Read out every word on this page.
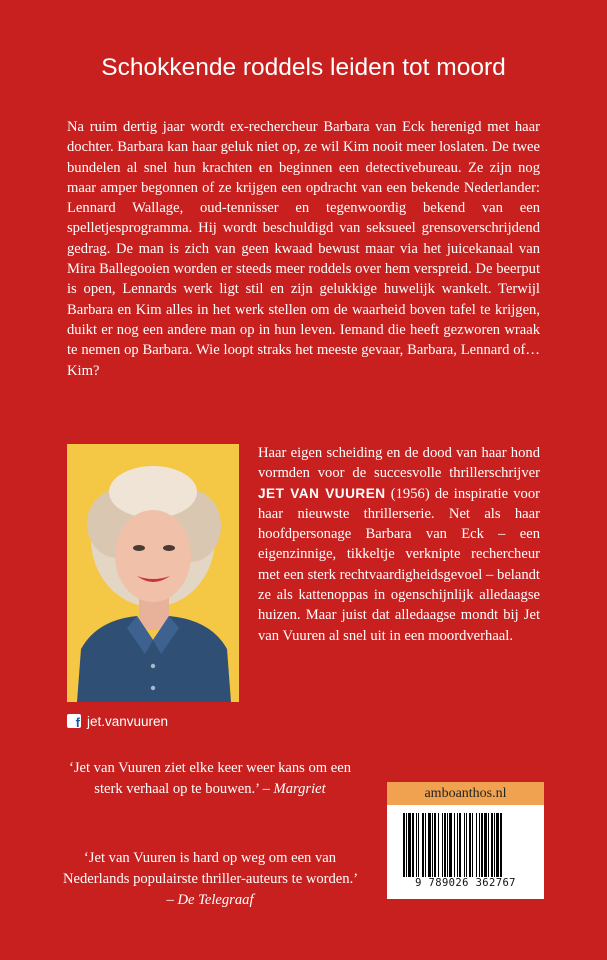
Schokkende roddels leiden tot moord

Na ruim dertig jaar wordt ex-rechercheur Barbara van Eck herenigd met haar dochter. Barbara kan haar geluk niet op, ze wil Kim nooit meer loslaten. De twee bundelen al snel hun krachten en beginnen een detectivebureau. Ze zijn nog maar amper begonnen of ze krijgen een opdracht van een bekende Nederlander: Lennard Wallage, oud-tennisser en tegenwoordig bekend van een spelletjesprogramma. Hij wordt beschuldigd van seksueel grensoverschrijdend gedrag. De man is zich van geen kwaad bewust maar via het juicekanaal van Mira Ballegooien worden er steeds meer roddels over hem verspreid. De beerput is open, Lennards werk ligt stil en zijn gelukkige huwelijk wankelt. Terwijl Barbara en Kim alles in het werk stellen om de waarheid boven tafel te krijgen, duikt er nog een andere man op in hun leven. Iemand die heeft gezworen wraak te nemen op Barbara. Wie loopt straks het meeste gevaar, Barbara, Lennard of… Kim?

f jet.vanvuuren

Haar eigen scheiding en de dood van haar hond vormden voor de succesvolle thrillerschrijver JET VAN VUUREN (1956) de inspiratie voor haar nieuwste thrillerserie. Net als haar hoofdpersonage Barbara van Eck – een eigenzinnige, tikkeltje verknipte rechercheur met een sterk rechtvaardigheidsgevoel – belandt ze als kattenoppas in ogenschijnlijk alledaagse huizen. Maar juist dat alledaagse mondt bij Jet van Vuuren al snel uit in een moordverhaal.

‘Jet van Vuuren ziet elke keer weer kans om een sterk verhaal op te bouwen.’ – Margriet

‘Jet van Vuuren is hard op weg om een van Nederlands populairste thriller-auteurs te worden.’ – De Telegraaf

amboanthos.nl
9 789026 362767
